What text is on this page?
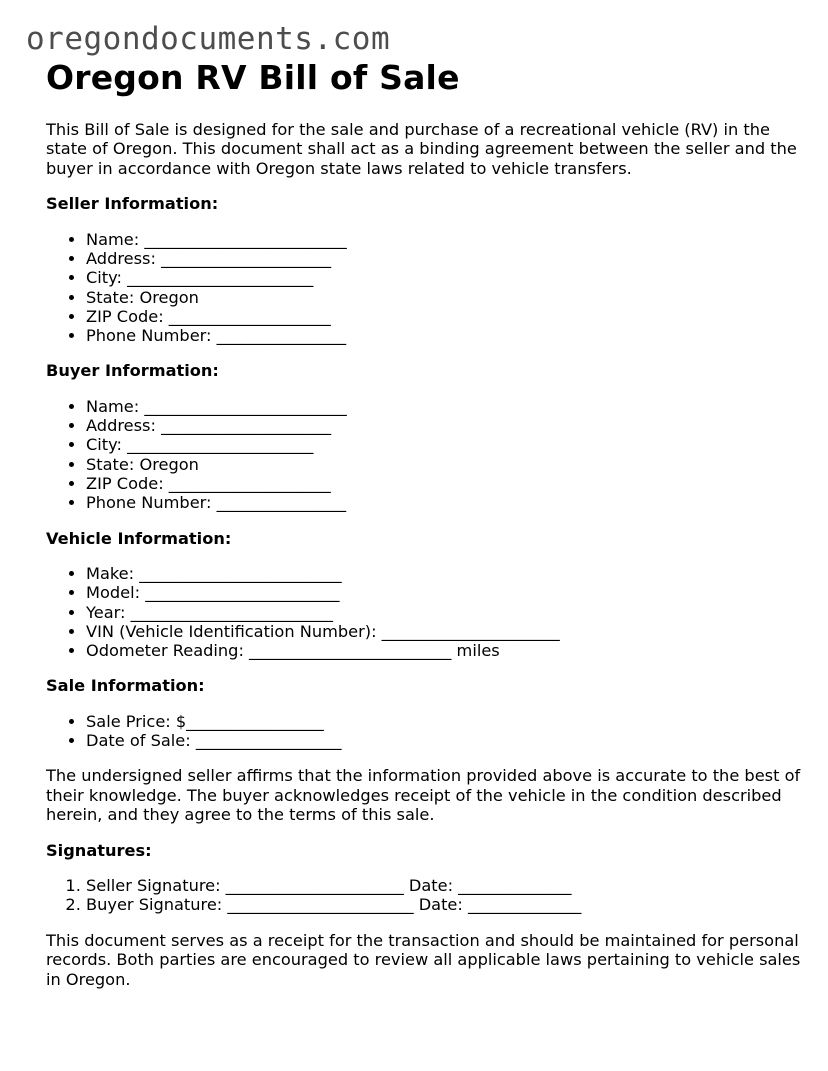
oregondocuments.com
Oregon RV Bill of Sale

This Bill of Sale is designed for the sale and purchase of a recreational vehicle (RV) in the state of Oregon. This document shall act as a binding agreement between the seller and the buyer in accordance with Oregon state laws related to vehicle transfers.

Seller Information:
• Name: _________________________
• Address: _____________________
• City: _______________________
• State: Oregon
• ZIP Code: ____________________
• Phone Number: ________________
Buyer Information:
• Name: _________________________
• Address: _____________________
• City: _______________________
• State: Oregon
• ZIP Code: ____________________
• Phone Number: ________________
Vehicle Information:
• Make: _________________________
• Model: ________________________
• Year: _________________________
• VIN (Vehicle Identification Number): ______________________
• Odometer Reading: _________________________ miles
Sale Information:
• Sale Price: $_________________
• Date of Sale: __________________

The undersigned seller affirms that the information provided above is accurate to the best of their knowledge. The buyer acknowledges receipt of the vehicle in the condition described herein, and they agree to the terms of this sale.

Signatures:
1. Seller Signature: ______________________ Date: ______________
2. Buyer Signature: _______________________ Date: ______________

This document serves as a receipt for the transaction and should be maintained for personal records. Both parties are encouraged to review all applicable laws pertaining to vehicle sales in Oregon.
